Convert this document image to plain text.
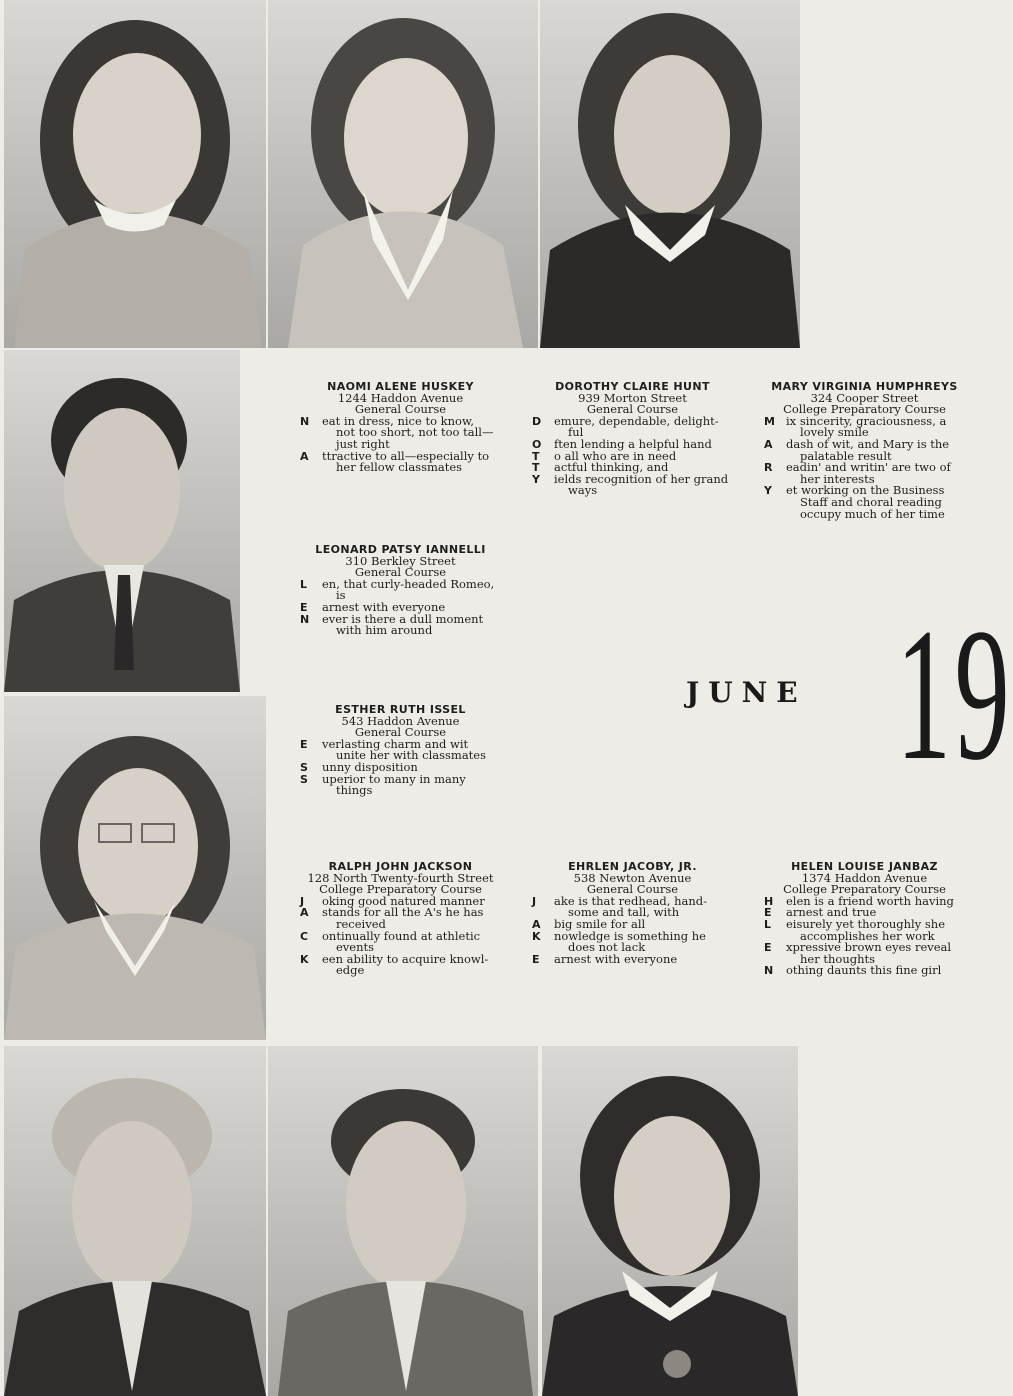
NAOMI ALENE HUSKEY
1244 Haddon Avenue
General Course
N	eat in dress, nice to know,
not too short, not too tall—
just right
A	ttractive to all—especially to
her fellow classmates
DOROTHY CLAIRE HUNT
939 Morton Street
General Course
D	emure, dependable, delight-
ful
O	ften lending a helpful hand
T	o all who are in need
T	actful thinking, and
Y	ields recognition of her grand
ways
MARY VIRGINIA HUMPHREYS
324 Cooper Street
College Preparatory Course
M ix sincerity, graciousness, a
lovely smile
A	dash of wit, and Mary is the
palatable result
R	eadin' and writin' are two of
her interests
Y	et working on the Business
Staff and choral reading
occupy much of her time
LEONARD PATSY IANNELLI
310 Berkley Street
General Course
L	en, that curly-headed Romeo,
is
E	arnest with everyone
N	ever is there a dull moment
with him around
ESTHER RUTH ISSEL
543 Haddon Avenue
General Course
E	verlasting charm and wit
unite her with classmates
S	unny disposition
S	uperior to many in many
things
RALPH JOHN JACKSON
128 North Twenty-fourth Street
College Preparatory Course
J	oking good natured manner
A	stands for all the A's he has
received
C	ontinually found at athletic
events
K	een ability to acquire knowl-
edge
EHRLEN JACOBY, JR.
538 Newton Avenue
General Course
J	ake is that redhead, hand-
some and tall, with
A	big smile for all
K	nowledge is something he
does not lack
E	arnest with everyone
HELEN LOUISE JANBAZ
1374 Haddon Avenue
College Preparatory Course
H	elen is a friend worth having
E	arnest and true
L	eisurely yet thoroughly she
accomplishes her work
E	xpressive brown eyes reveal
her thoughts
N	othing daunts this fine girl
JUNE 19
